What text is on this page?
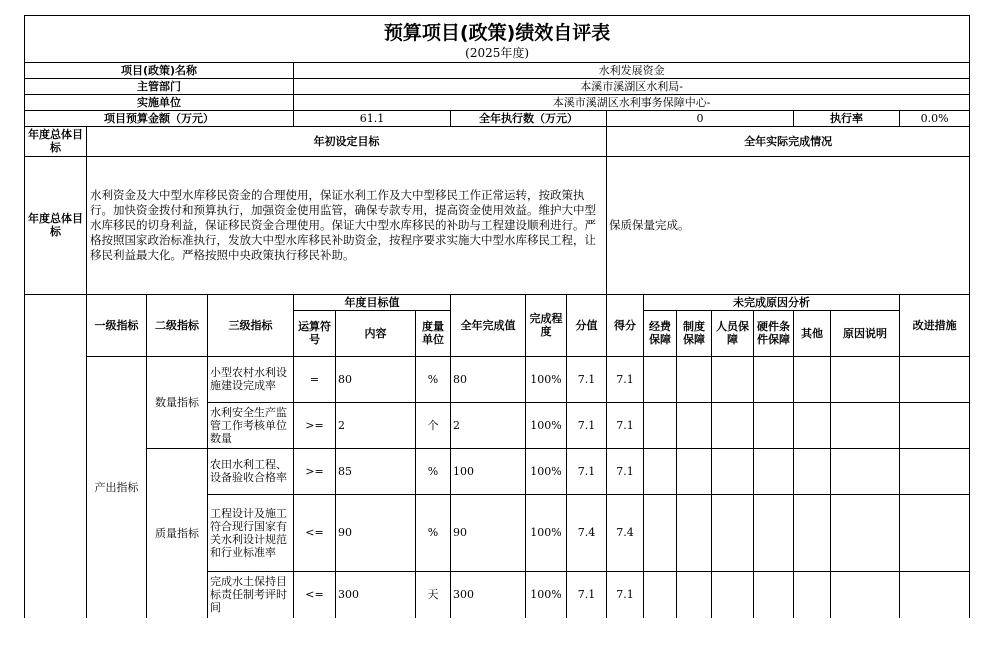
预算项目(政策)绩效自评表																	
(2025年度)																	
项目(政策)名称				水利发展资金													
主管部门				本溪市溪湖区水利局-													
实施单位				本溪市溪湖区水利事务保障中心-													
项目预算金额（万元）				61.1			全年执行数（万元）			0					执行率		0.0%
年度总体目标	年初设定目标									全年实际完成情况							
年度总体目标	水利资金及大中型水库移民资金的合理使用，保证水利工作及大中型移民工作正常运转，按政策执行。加快资金拨付和预算执行，加强资金使用监管，确保专款专用，提高资金使用效益。维护大中型水库移民的切身利益，保证移民资金合理使用。保证大中型水库移民的补助与工程建设顺利进行。严格按照国家政治标准执行，发放大中型水库移民补助资金，按程序要求实施大中型水库移民工程，让移民利益最大化。严格按照中央政策执行移民补助。									保质保量完成。							
	一级指标	二级指标	三级指标	年度目标值			全年完成值	完成程度	分值	得分	未完成原因分析						改进措施
				运算符号	内容	度量单位					经费保障	制度保障	人员保障	硬件条件保障	其他	原因说明	
	产出指标	数量指标	小型农村水利设施建设完成率	=	80	%	80	100%	7.1	7.1							
			水利安全生产监管工作考核单位数量	>=	2	个	2	100%	7.1	7.1							
		质量指标	农田水利工程、设备验收合格率	>=	85	%	100	100%	7.1	7.1							
			工程设计及施工符合现行国家有关水利设计规范和行业标准率	<=	90	%	90	100%	7.4	7.4							
			完成水土保持目标责任制考评时间	<=	300	天	300	100%	7.1	7.1							
